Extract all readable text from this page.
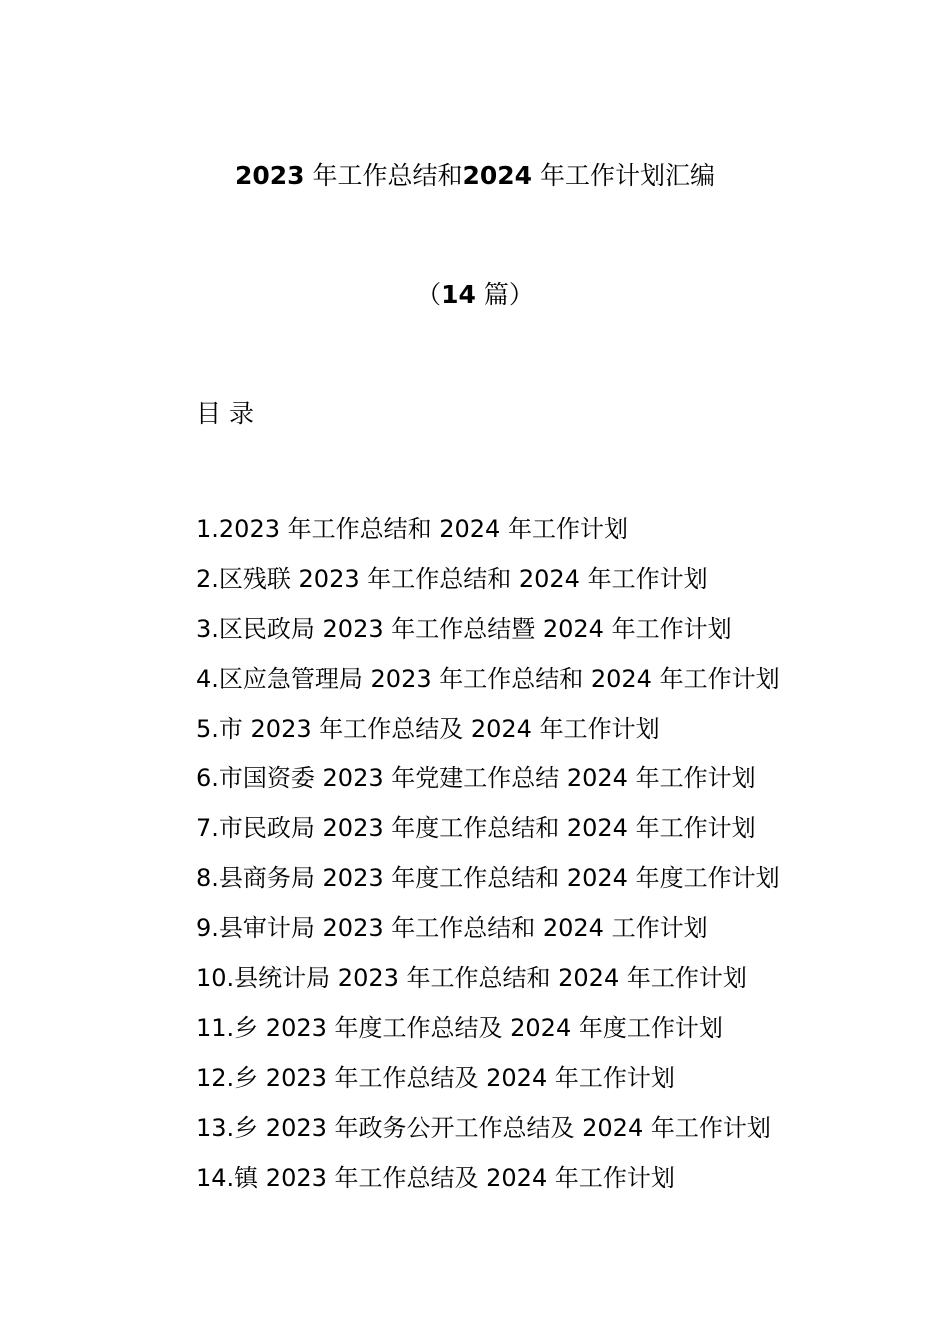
2023 年工作总结和2024 年工作计划汇编
（14 篇）
目 录
1.2023 年工作总结和 2024 年工作计划
2.区残联 2023 年工作总结和 2024 年工作计划
3.区民政局 2023 年工作总结暨 2024 年工作计划
4.区应急管理局 2023 年工作总结和 2024 年工作计划
5.市 2023 年工作总结及 2024 年工作计划
6.市国资委 2023 年党建工作总结 2024 年工作计划
7.市民政局 2023 年度工作总结和 2024 年工作计划
8.县商务局 2023 年度工作总结和 2024 年度工作计划
9.县审计局 2023 年工作总结和 2024 工作计划
10.县统计局 2023 年工作总结和 2024 年工作计划
11.乡 2023 年度工作总结及 2024 年度工作计划
12.乡 2023 年工作总结及 2024 年工作计划
13.乡 2023 年政务公开工作总结及 2024 年工作计划
14.镇 2023 年工作总结及 2024 年工作计划
